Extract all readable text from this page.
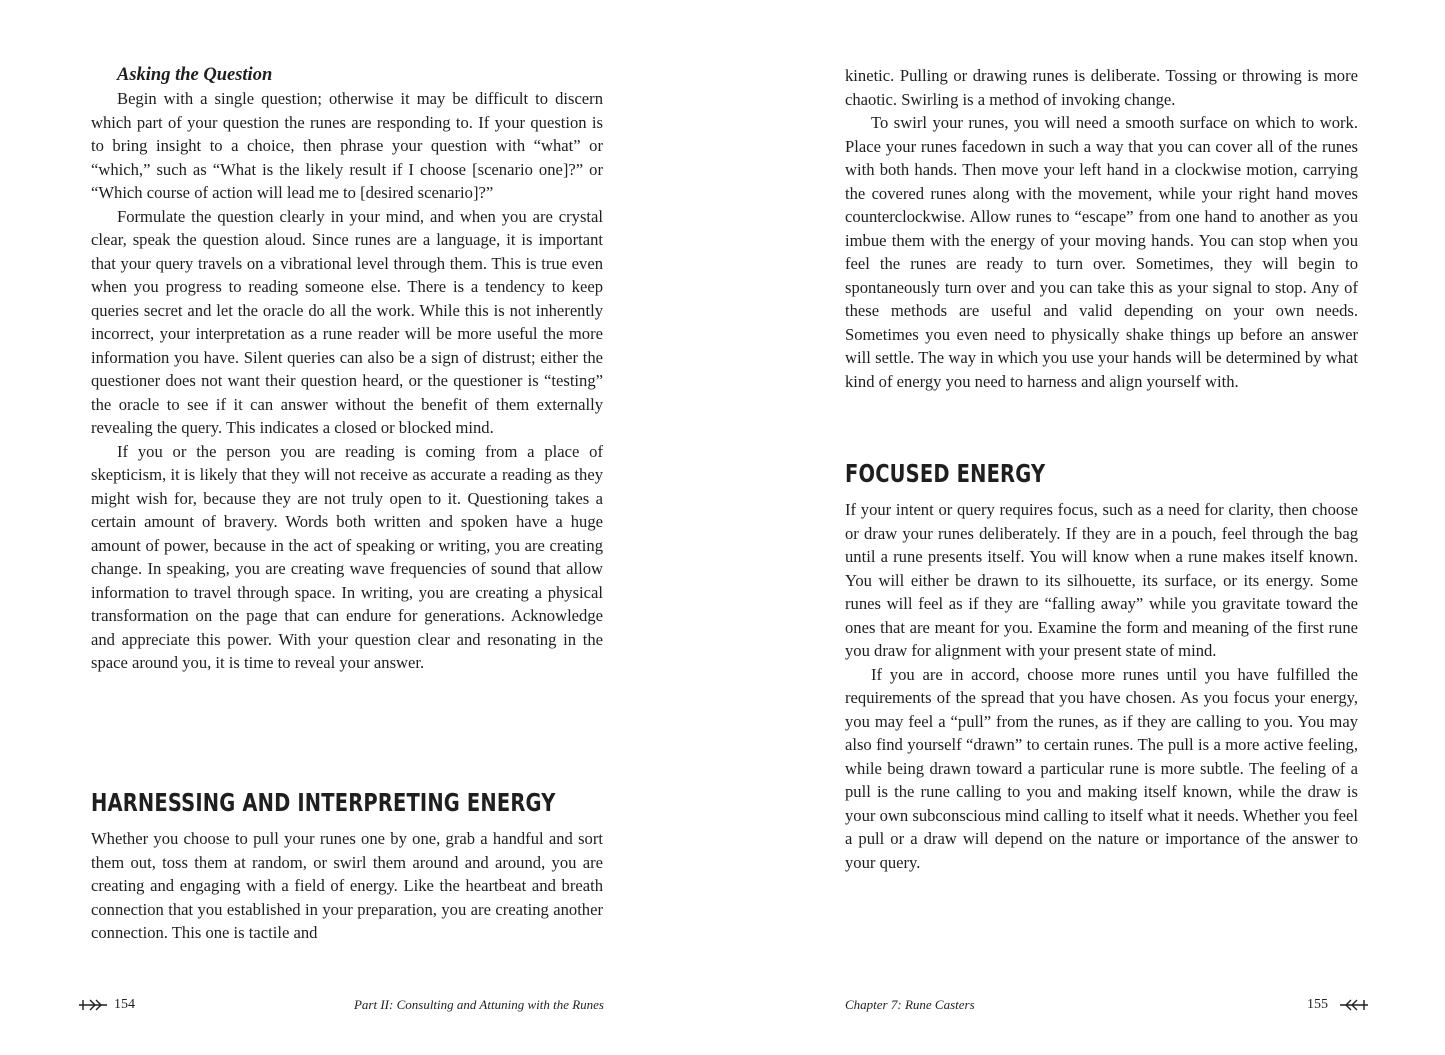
Asking the Question

Begin with a single question; otherwise it may be difficult to discern which part of your question the runes are responding to. If your question is to bring insight to a choice, then phrase your question with “what” or “which,” such as “What is the likely result if I choose [scenario one]?” or “Which course of action will lead me to [desired scenario]?”

Formulate the question clearly in your mind, and when you are crystal clear, speak the question aloud. Since runes are a language, it is important that your query travels on a vibrational level through them. This is true even when you progress to reading someone else. There is a tendency to keep queries secret and let the oracle do all the work. While this is not inherently incorrect, your interpretation as a rune reader will be more useful the more information you have. Silent queries can also be a sign of distrust; either the questioner does not want their question heard, or the questioner is “testing” the oracle to see if it can answer without the benefit of them externally revealing the query. This indicates a closed or blocked mind.

If you or the person you are reading is coming from a place of skepticism, it is likely that they will not receive as accurate a reading as they might wish for, because they are not truly open to it. Questioning takes a certain amount of bravery. Words both written and spoken have a huge amount of power, because in the act of speaking or writing, you are creating change. In speaking, you are creating wave frequencies of sound that allow information to travel through space. In writing, you are creating a physical transformation on the page that can endure for generations. Acknowledge and appreciate this power. With your question clear and resonating in the space around you, it is time to reveal your answer.

HARNESSING AND INTERPRETING ENERGY

Whether you choose to pull your runes one by one, grab a handful and sort them out, toss them at random, or swirl them around and around, you are creating and engaging with a field of energy. Like the heartbeat and breath connection that you established in your preparation, you are creating another connection. This one is tactile and

154	Part II: Consulting and Attuning with the Runes

kinetic. Pulling or drawing runes is deliberate. Tossing or throwing is more chaotic. Swirling is a method of invoking change.

To swirl your runes, you will need a smooth surface on which to work. Place your runes facedown in such a way that you can cover all of the runes with both hands. Then move your left hand in a clockwise motion, carrying the covered runes along with the movement, while your right hand moves counterclockwise. Allow runes to “escape” from one hand to another as you imbue them with the energy of your moving hands. You can stop when you feel the runes are ready to turn over. Sometimes, they will begin to spontaneously turn over and you can take this as your signal to stop. Any of these methods are useful and valid depending on your own needs. Sometimes you even need to physically shake things up before an answer will settle. The way in which you use your hands will be determined by what kind of energy you need to harness and align yourself with.

FOCUSED ENERGY

If your intent or query requires focus, such as a need for clarity, then choose or draw your runes deliberately. If they are in a pouch, feel through the bag until a rune presents itself. You will know when a rune makes itself known. You will either be drawn to its silhouette, its surface, or its energy. Some runes will feel as if they are “falling away” while you gravitate toward the ones that are meant for you. Examine the form and meaning of the first rune you draw for alignment with your present state of mind.

If you are in accord, choose more runes until you have fulfilled the requirements of the spread that you have chosen. As you focus your energy, you may feel a “pull” from the runes, as if they are calling to you. You may also find yourself “drawn” to certain runes. The pull is a more active feeling, while being drawn toward a particular rune is more subtle. The feeling of a pull is the rune calling to you and making itself known, while the draw is your own subconscious mind calling to itself what it needs. Whether you feel a pull or a draw will depend on the nature or importance of the answer to your query.

Chapter 7: Rune Casters	155
